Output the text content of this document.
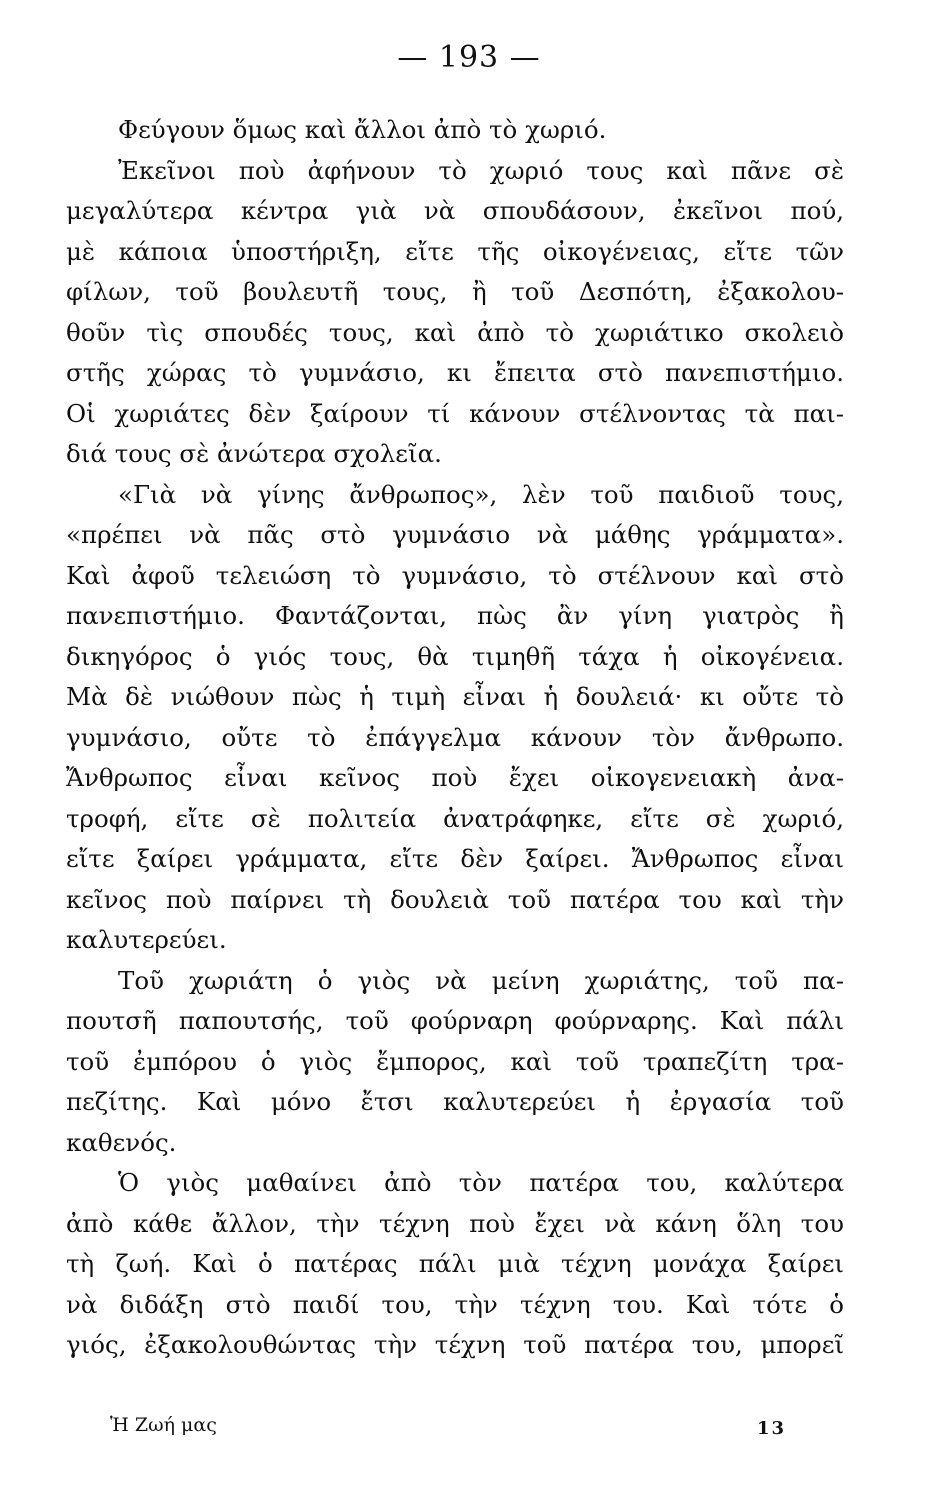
— 193 —
Φεύγουν ὅμως καὶ ἄλλοι ἀπὸ τὸ χωριό.
Ἐκεῖνοι ποὺ ἀφήνουν τὸ χωριό τους καὶ πᾶνε σὲ
μεγαλύτερα κέντρα γιὰ νὰ σπουδάσουν, ἐκεῖνοι πού,
μὲ κάποια ὑποστήριξη, εἴτε τῆς οἰκογένειας, εἴτε τῶν
φίλων, τοῦ βουλευτῆ τους, ἢ τοῦ Δεσπότη, ἐξακολου-
θοῦν τὶς σπουδές τους, καὶ ἀπὸ τὸ χωριάτικο σκολειὸ
στῆς χώρας τὸ γυμνάσιο, κι ἔπειτα στὸ πανεπιστήμιο.
Οἱ χωριάτες δὲν ξαίρουν τί κάνουν στέλνοντας τὰ παι-
διά τους σὲ ἀνώτερα σχολεῖα.
«Γιὰ νὰ γίνης ἄνθρωπος», λὲν τοῦ παιδιοῦ τους,
«πρέπει νὰ πᾶς στὸ γυμνάσιο νὰ μάθης γράμματα».
Καὶ ἀφοῦ τελειώση τὸ γυμνάσιο, τὸ στέλνουν καὶ στὸ
πανεπιστήμιο. Φαντάζονται, πὼς ἂν γίνη γιατρὸς ἢ
δικηγόρος ὁ γιός τους, θὰ τιμηθῆ τάχα ἡ οἰκογένεια.
Μὰ δὲ νιώθουν πὼς ἡ τιμὴ εἶναι ἡ δουλειά· κι οὔτε τὸ
γυμνάσιο, οὔτε τὸ ἐπάγγελμα κάνουν τὸν ἄνθρωπο.
Ἄνθρωπος εἶναι κεῖνος ποὺ ἔχει οἰκογενειακὴ ἀνα-
τροφή, εἴτε σὲ πολιτεία ἀνατράφηκε, εἴτε σὲ χωριό,
εἴτε ξαίρει γράμματα, εἴτε δὲν ξαίρει. Ἄνθρωπος εἶναι
κεῖνος ποὺ παίρνει τὴ δουλειὰ τοῦ πατέρα του καὶ τὴν
καλυτερεύει.
Τοῦ χωριάτη ὁ γιὸς νὰ μείνη χωριάτης, τοῦ πα-
πουτσῆ παπουτσής, τοῦ φούρναρη φούρναρης. Καὶ πάλι
τοῦ ἐμπόρου ὁ γιὸς ἔμπορος, καὶ τοῦ τραπεζίτη τρα-
πεζίτης. Καὶ μόνο ἔτσι καλυτερεύει ἡ ἐργασία τοῦ
καθενός.
Ὁ γιὸς μαθαίνει ἀπὸ τὸν πατέρα του, καλύτερα
ἀπὸ κάθε ἄλλον, τὴν τέχνη ποὺ ἔχει νὰ κάνη ὅλη του
τὴ ζωή. Καὶ ὁ πατέρας πάλι μιὰ τέχνη μονάχα ξαίρει
νὰ διδάξη στὸ παιδί του, τὴν τέχνη του. Καὶ τότε ὁ
γιός, ἐξακολουθώντας τὴν τέχνη τοῦ πατέρα του, μπορεῖ
Ἡ Ζωή μας	13
